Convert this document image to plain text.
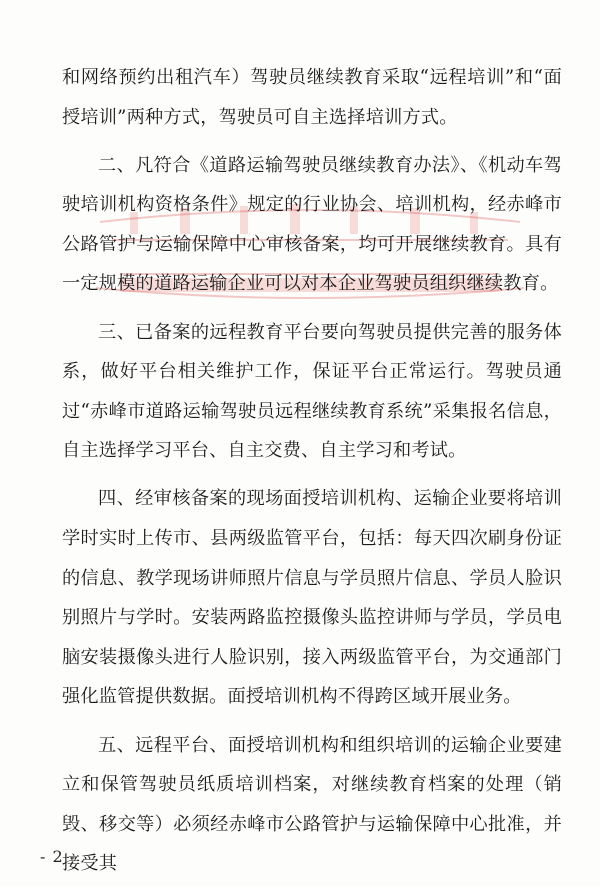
和网络预约出租汽车）驾驶员继续教育采取“远程培训”和“面授培训”两种方式，驾驶员可自主选择培训方式。

二、凡符合《道路运输驾驶员继续教育办法》、《机动车驾驶培训机构资格条件》规定的行业协会、培训机构，经赤峰市公路管护与运输保障中心审核备案，均可开展继续教育。具有一定规模的道路运输企业可以对本企业驾驶员组织继续教育。

三、已备案的远程教育平台要向驾驶员提供完善的服务体系，做好平台相关维护工作，保证平台正常运行。驾驶员通过“赤峰市道路运输驾驶员远程继续教育系统”采集报名信息，自主选择学习平台、自主交费、自主学习和考试。

四、经审核备案的现场面授培训机构、运输企业要将培训学时实时上传市、县两级监管平台，包括：每天四次刷身份证的信息、教学现场讲师照片信息与学员照片信息、学员人脸识别照片与学时。安装两路监控摄像头监控讲师与学员，学员电脑安装摄像头进行人脸识别，接入两级监管平台，为交通部门强化监管提供数据。面授培训机构不得跨区域开展业务。

五、远程平台、面授培训机构和组织培训的运输企业要建立和保管驾驶员纸质培训档案，对继续教育档案的处理（销毁、移交等）必须经赤峰市公路管护与运输保障中心批准，并接受其

- 2 -
